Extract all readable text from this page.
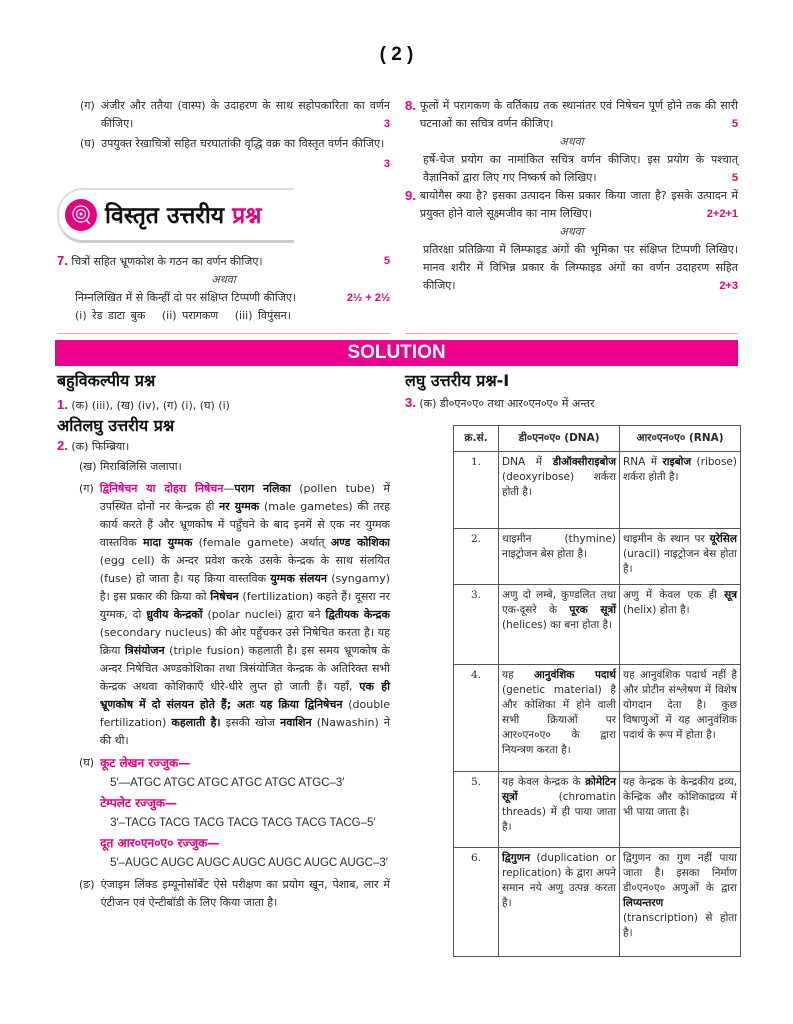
( 2 )
(ग) अंजीर और ततैया (वास्प) के उदाहरण के साथ सहोपकारिता का वर्णन कीजिए।	3
(घ) उपयुक्त रेखाचित्रों सहित चरघातांकी वृद्धि वक्र का विस्तृत वर्णन कीजिए।

3
विस्तृत उत्तरीय प्रश्न
7. चित्रों सहित भ्रूणकोश के गठन का वर्णन कीजिए।	5
अथवा
निम्नलिखित में से किन्हीं दो पर संक्षिप्त टिप्पणी कीजिए।	2½ + 2½
(i) रेड डाटा बुक (ii) परागकण (iii) विपुंसन।
8. फूलों में परागकण के वर्तिकाग्र तक स्थानांतर एवं निषेचन पूर्ण होने तक की सारी घटनाओं का सचित्र वर्णन कीजिए।	5
अथवा
हर्षे-चेज प्रयोग का नामांकित सचित्र वर्णन कीजिए। इस प्रयोग के पश्चात् वैज्ञानिकों द्वारा लिए गए निष्कर्ष को लिखिए।	5
9. बायोगैस क्या है? इसका उत्पादन किस प्रकार किया जाता है? इसके उत्पादन में प्रयुक्त होने वाले सूक्ष्मजीव का नाम लिखिए।	2+2+1
अथवा
प्रतिरक्षा प्रतिक्रिया में लिम्फाइड अंगों की भूमिका पर संक्षिप्त टिप्पणी लिखिए। मानव शरीर में विभिन्न प्रकार के लिम्फाइड अंगों का वर्णन उदाहरण सहित कीजिए।	2+3
SOLUTION
बहुविकल्पीय प्रश्न
1. (क) (iii), (ख) (iv), (ग) (i), (घ) (i)
अतिलघु उत्तरीय प्रश्न
2. (क) फिम्ब्रिया।
(ख) मिराबिलिसि जलापा।
(ग) द्विनिषेचन या दोहरा निषेचन—पराग नलिका (pollen tube) में उपस्थित दोनों नर केन्द्रक ही नर युग्मक (male gametes) की तरह कार्य करते हैं और भ्रूणकोष में पहुँचने के बाद इनमें से एक नर युग्मक वास्तविक मादा युग्मक (female gamete) अर्थात् अण्ड कोशिका (egg cell) के अन्दर प्रवेश करके उसके केन्द्रक के साथ संलयित (fuse) हो जाता है। यह क्रिया वास्तविक युग्मक संलयन (syngamy) है। इस प्रकार की क्रिया को निषेचन (fertilization) कहते हैं। दूसरा नर युग्मक, दो ध्रुवीय केन्द्रकों (polar nuclei) द्वारा बने द्वितीयक केन्द्रक (secondary nucleus) की ओर पहुँचकर उसे निषेचित करता है। यह क्रिया त्रिसंयोजन (triple fusion) कहलाती है। इस समय भ्रूणकोष के अन्दर निषेचित अण्डकोशिका तथा त्रिसंयोजित केन्द्रक के अतिरिक्त सभी केन्द्रक अथवा कोशिकाएँ धीरे-धीरे लुप्त हो जाती हैं। यहाँ, एक ही भ्रूणकोष में दो संलयन होते हैं; अतः यह क्रिया द्विनिषेचन (double fertilization) कहलाती है। इसकी खोज नवाशिन (Nawashin) ने की थी।
(घ) कूट लेखन रज्जुक—
5′—ATGC ATGC ATGC ATGC ATGC ATGC–3′
टेम्पलेट रज्जुक—
3′–TACG TACG TACG TACG TACG TACG TACG–5′
दूत आर०एन०ए० रज्जुक—
5′–AUGC AUGC AUGC AUGC AUGC AUGC AUGC–3′
(ङ) एंजाइम लिंक्ड इम्यूनोसॉर्बेंट ऐसे परीक्षण का प्रयोग खून, पेशाब, लार में एंटीजन एवं ऐन्टीबॉडी के लिए किया जाता है।
लघु उत्तरीय प्रश्न-I
3. (क) डी०एन०ए० तथा आर०एन०ए० में अन्तर
क्र.सं.	डी०एन०ए० (DNA)	आर०एन०ए० (RNA)
1.	DNA में डीऑक्सीराइबोज (deoxyribose) शर्करा होती है।	RNA में राइबोज (ribose) शर्करा होती है।
2.	थाइमीन (thymine) नाइट्रोजन बेस होता है।	थाइमीन के स्थान पर यूरेसिल (uracil) नाइट्रोजन बेस होता है।
3.	अणु दो लम्बे, कुण्डलित तथा एक-दूसरे के पूरक सूत्रों (helices) का बना होता है।	अणु में केवल एक ही सूत्र (helix) होता है।
4.	यह आनुवंशिक पदार्थ (genetic material) है और कोशिका में होने वाली सभी क्रियाओं पर आर०एन०ए० के द्वारा नियन्त्रण करता है।	यह आनुवंशिक पदार्थ नहीं है और प्रोटीन संश्लेषण में विशेष योगदान देता है। कुछ विषाणुओं में यह आनुवंशिक पदार्थ के रूप में होता है।
5.	यह केवल केन्द्रक के क्रोमेटिन सूत्रों (chromatin threads) में ही पाया जाता है।	यह केन्द्रक के केन्द्रकीय द्रव्य, केन्द्रिक और कोशिकाद्रव्य में भी पाया जाता है।
6.	द्विगुणन (duplication or replication) के द्वारा अपने समान नये अणु उत्पन्न करता है।	द्विगुणन का गुण नहीं पाया जाता है। इसका निर्माण डी०एन०ए० अणुओं के द्वारा लिप्यन्तरण (transcription) से होता है।
